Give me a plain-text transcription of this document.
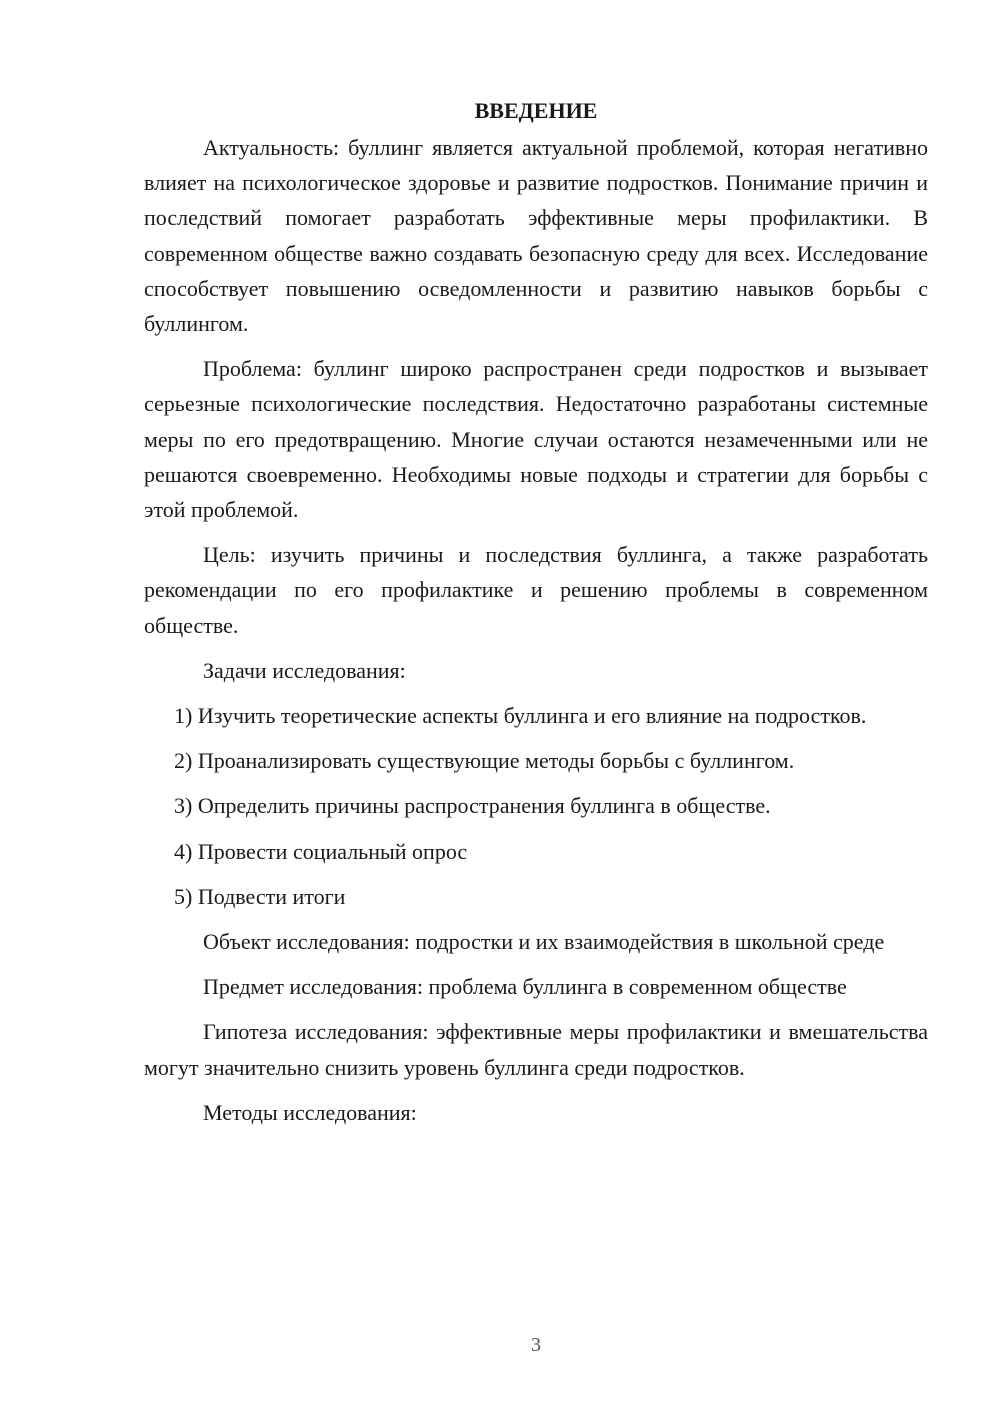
ВВЕДЕНИЕ

Актуальность: буллинг является актуальной проблемой, которая негативно влияет на психологическое здоровье и развитие подростков. Понимание причин и последствий помогает разработать эффективные меры профилактики. В современном обществе важно создавать безопасную среду для всех. Исследование способствует повышению осведомленности и развитию навыков борьбы с буллингом.

Проблема: буллинг широко распространен среди подростков и вызывает серьезные психологические последствия. Недостаточно разработаны системные меры по его предотвращению. Многие случаи остаются незамеченными или не решаются своевременно. Необходимы новые подходы и стратегии для борьбы с этой проблемой.

Цель: изучить причины и последствия буллинга, а также разработать рекомендации по его профилактике и решению проблемы в современном обществе.

Задачи исследования:

1) Изучить теоретические аспекты буллинга и его влияние на подростков.

2) Проанализировать существующие методы борьбы с буллингом.

3) Определить причины распространения буллинга в обществе.

4) Провести социальный опрос

5) Подвести итоги

Объект исследования: подростки и их взаимодействия в школьной среде

Предмет исследования: проблема буллинга в современном обществе

Гипотеза исследования: эффективные меры профилактики и вмешательства могут значительно снизить уровень буллинга среди подростков.

Методы исследования:

3
